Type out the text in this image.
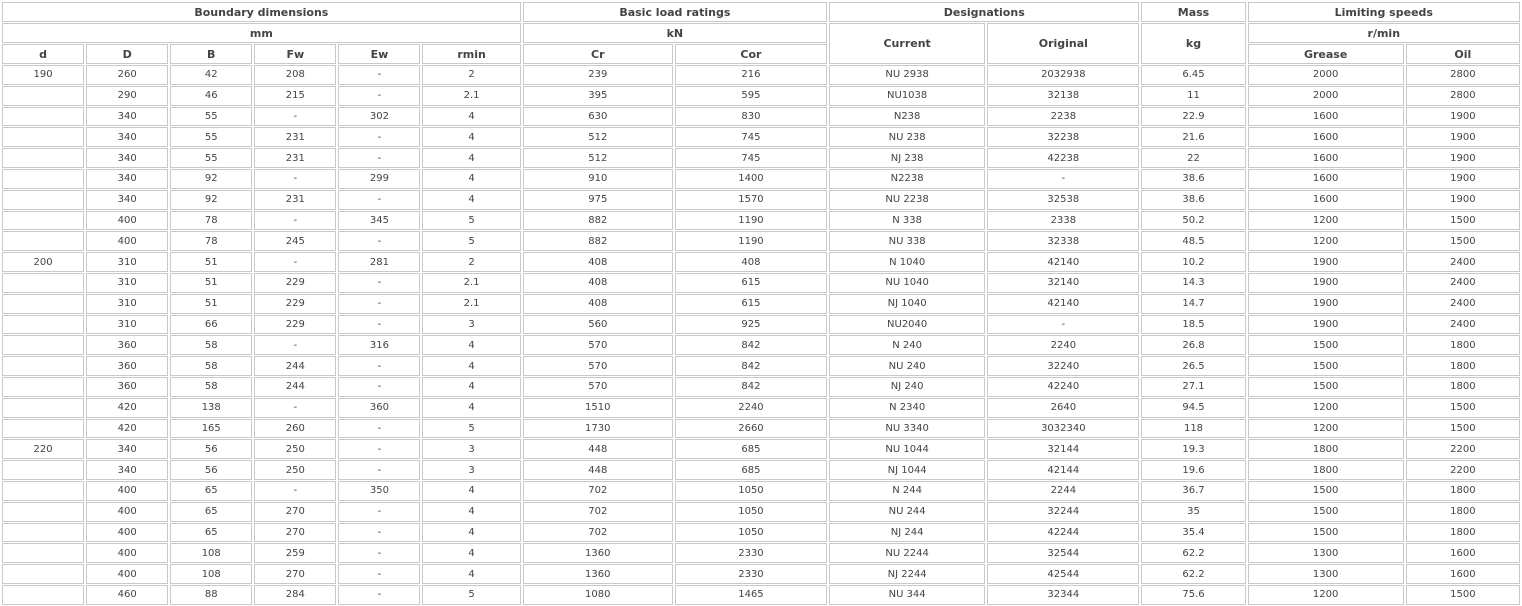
Boundary dimensions						Basic load ratings		Designations		Mass	Limiting speeds	
mm						kN		Current	Original	kg	r/min	
d	D	B	Fw	Ew	rmin	Cr	Cor				Grease	Oil
190	260	42	208	-	2	239	216	NU 2938	2032938	6.45	2000	2800
	290	46	215	-	2.1	395	595	NU1038	32138	11	2000	2800
	340	55	-	302	4	630	830	N238	2238	22.9	1600	1900
	340	55	231	-	4	512	745	NU 238	32238	21.6	1600	1900
	340	55	231	-	4	512	745	NJ 238	42238	22	1600	1900
	340	92	-	299	4	910	1400	N2238	-	38.6	1600	1900
	340	92	231	-	4	975	1570	NU 2238	32538	38.6	1600	1900
	400	78	-	345	5	882	1190	N 338	2338	50.2	1200	1500
	400	78	245	-	5	882	1190	NU 338	32338	48.5	1200	1500
200	310	51	-	281	2	408	408	N 1040	42140	10.2	1900	2400
	310	51	229	-	2.1	408	615	NU 1040	32140	14.3	1900	2400
	310	51	229	-	2.1	408	615	NJ 1040	42140	14.7	1900	2400
	310	66	229	-	3	560	925	NU2040	-	18.5	1900	2400
	360	58	-	316	4	570	842	N 240	2240	26.8	1500	1800
	360	58	244	-	4	570	842	NU 240	32240	26.5	1500	1800
	360	58	244	-	4	570	842	NJ 240	42240	27.1	1500	1800
	420	138	-	360	4	1510	2240	N 2340	2640	94.5	1200	1500
	420	165	260	-	5	1730	2660	NU 3340	3032340	118	1200	1500
220	340	56	250	-	3	448	685	NU 1044	32144	19.3	1800	2200
	340	56	250	-	3	448	685	NJ 1044	42144	19.6	1800	2200
	400	65	-	350	4	702	1050	N 244	2244	36.7	1500	1800
	400	65	270	-	4	702	1050	NU 244	32244	35	1500	1800
	400	65	270	-	4	702	1050	NJ 244	42244	35.4	1500	1800
	400	108	259	-	4	1360	2330	NU 2244	32544	62.2	1300	1600
	400	108	270	-	4	1360	2330	NJ 2244	42544	62.2	1300	1600
	460	88	284	-	5	1080	1465	NU 344	32344	75.6	1200	1500
